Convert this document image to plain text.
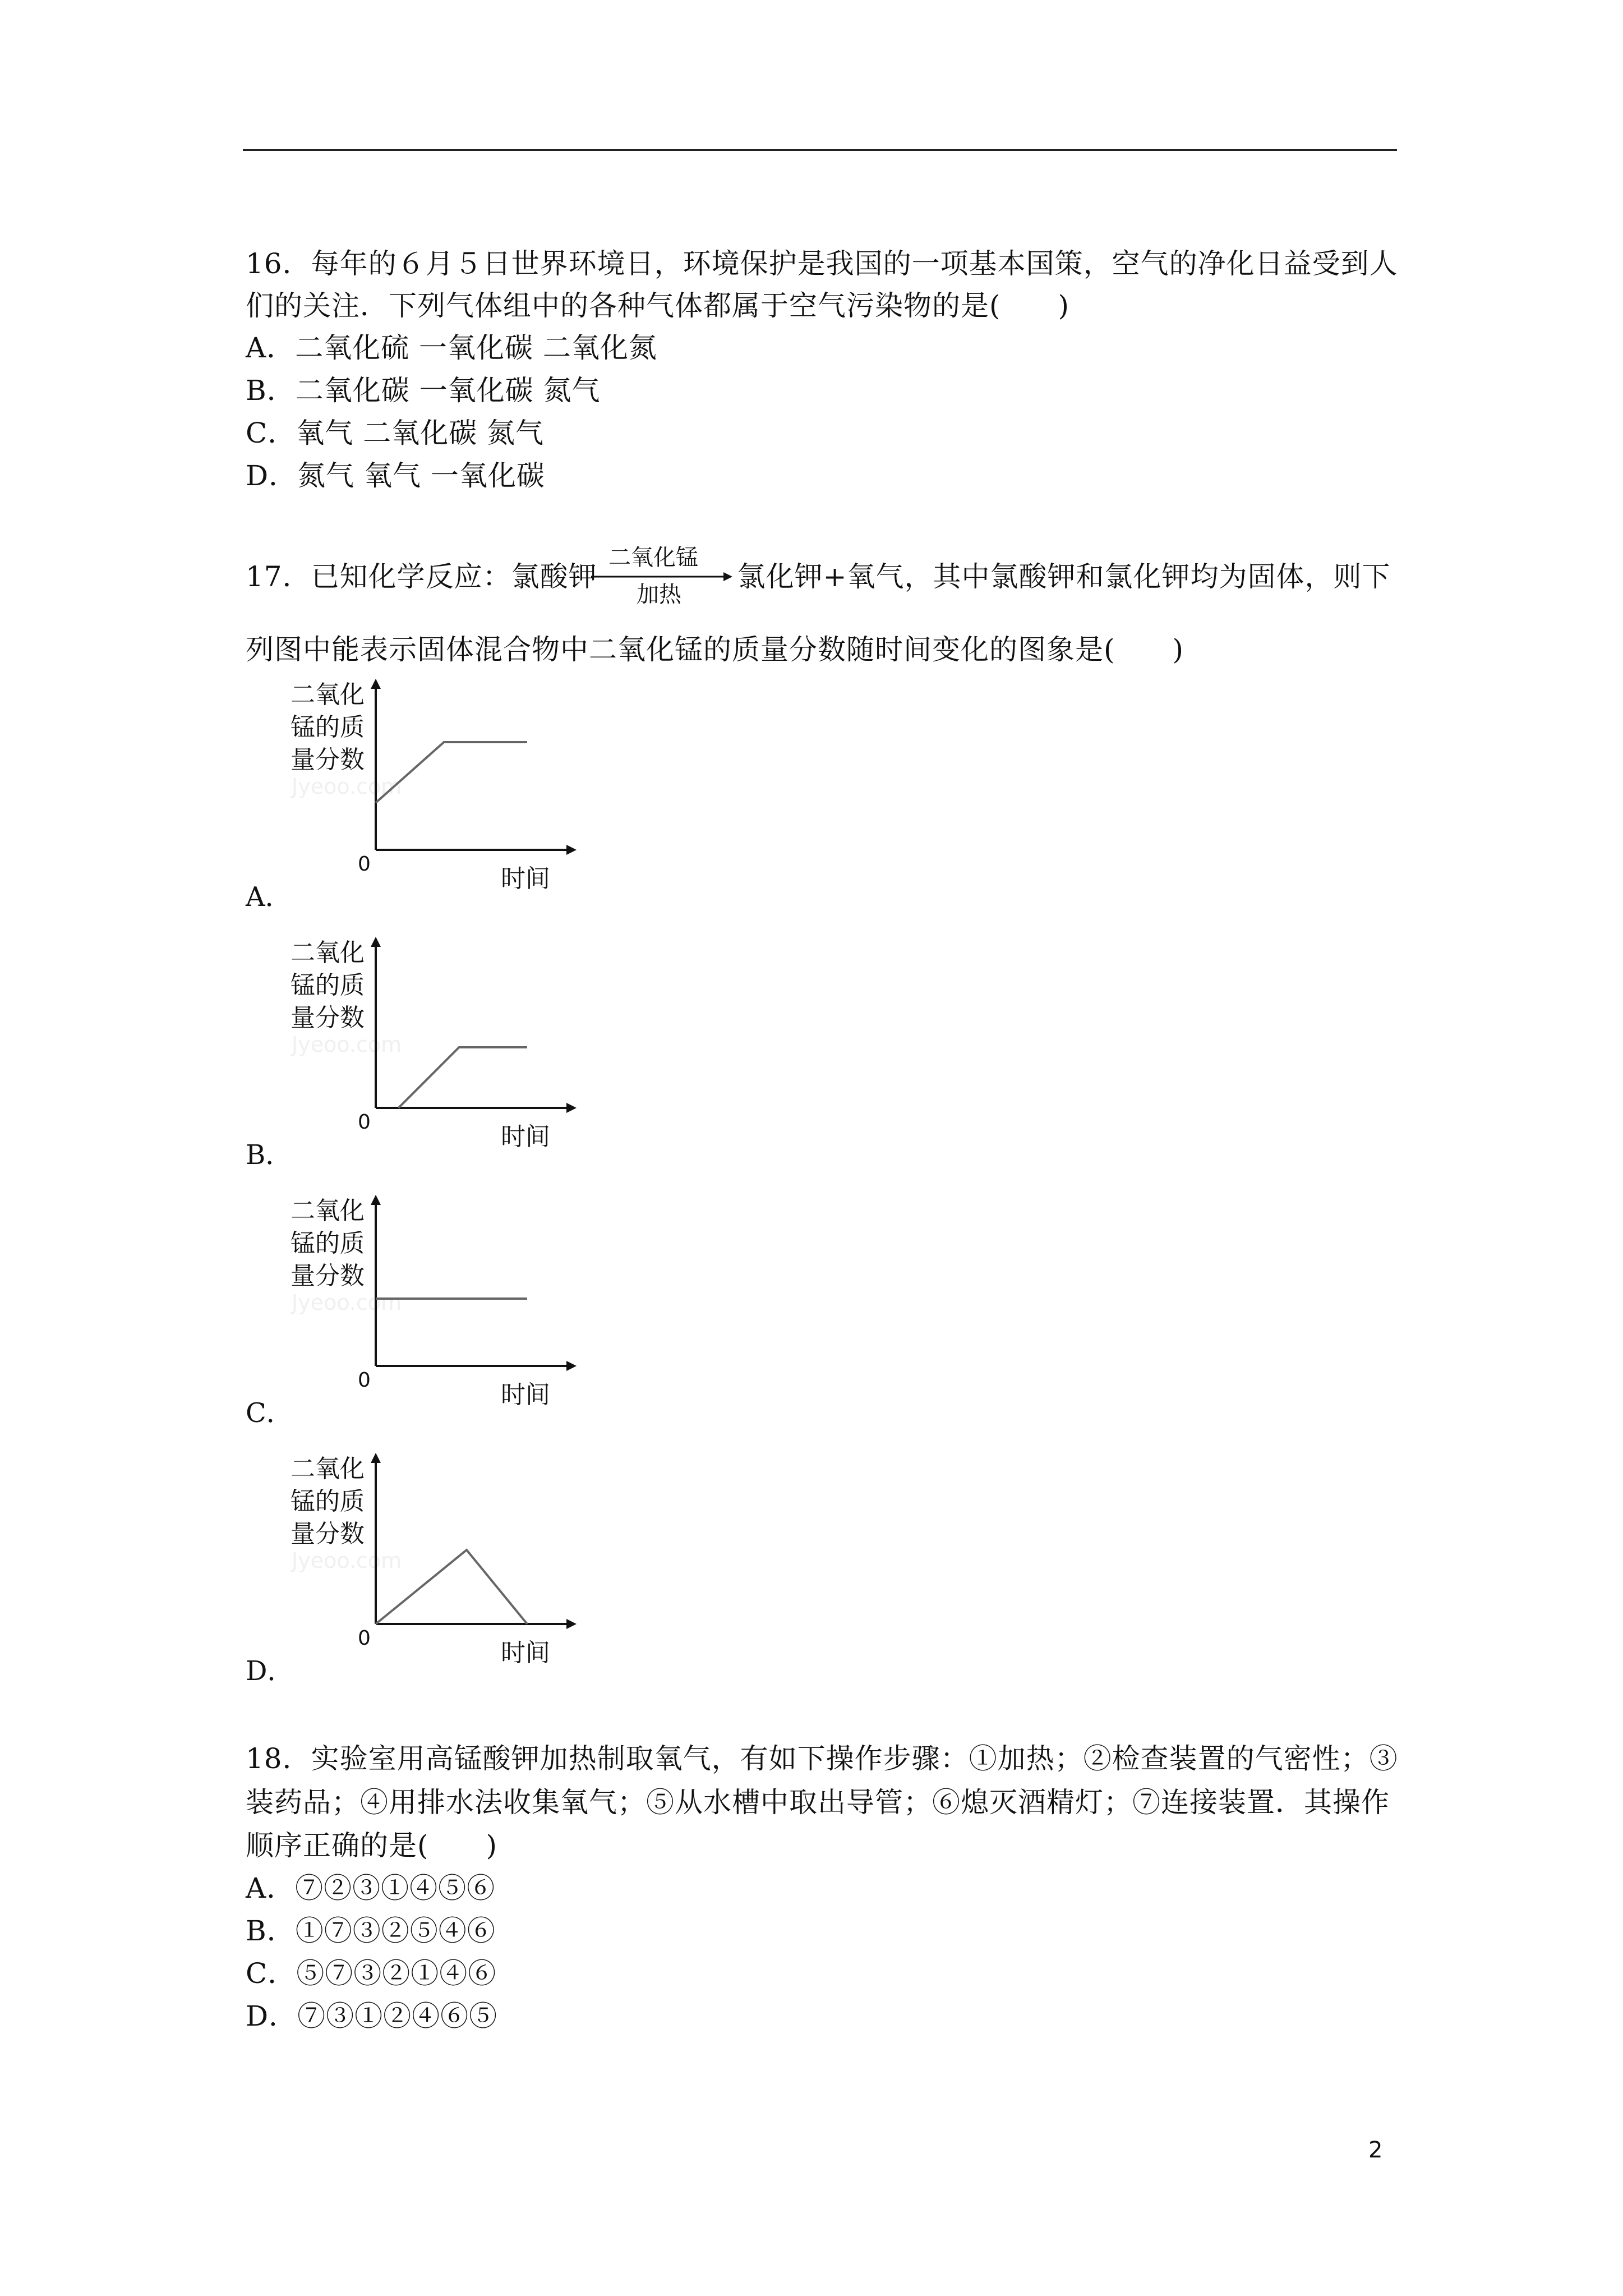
16．每年的６月５日世界环境日，环境保护是我国的一项基本国策，空气的净化日益受到人
们的关注．下列气体组中的各种气体都属于空气污染物的是(　　)
A．二氧化硫 一氧化碳 二氧化氮
B．二氧化碳 一氧化碳 氮气
C．氧气 二氧化碳 氮气
D．氮气 氧气 一氧化碳
17．已知化学反应：氯酸钾	氯化钾+氧气，其中氯酸钾和氯化钾均为固体，则下
二氧化锰
加热
列图中能表示固体混合物中二氧化锰的质量分数随时间变化的图象是(　　)
二氧化锰的质量分数
Jyeoo.com
0
时间
A．
二氧化锰的质量分数
Jyeoo.com
0
时间
B．
二氧化锰的质量分数
Jyeoo.com
0
时间
C．
二氧化锰的质量分数
Jyeoo.com
0
时间
D．
18．实验室用高锰酸钾加热制取氧气，有如下操作步骤：①加热；②检查装置的气密性；③
装药品；④用排水法收集氧气；⑤从水槽中取出导管；⑥熄灭酒精灯；⑦连接装置．其操作
顺序正确的是(　　)
A．⑦②③①④⑤⑥
B．①⑦③②⑤④⑥
C．⑤⑦③②①④⑥
D．⑦③①②④⑥⑤
2
